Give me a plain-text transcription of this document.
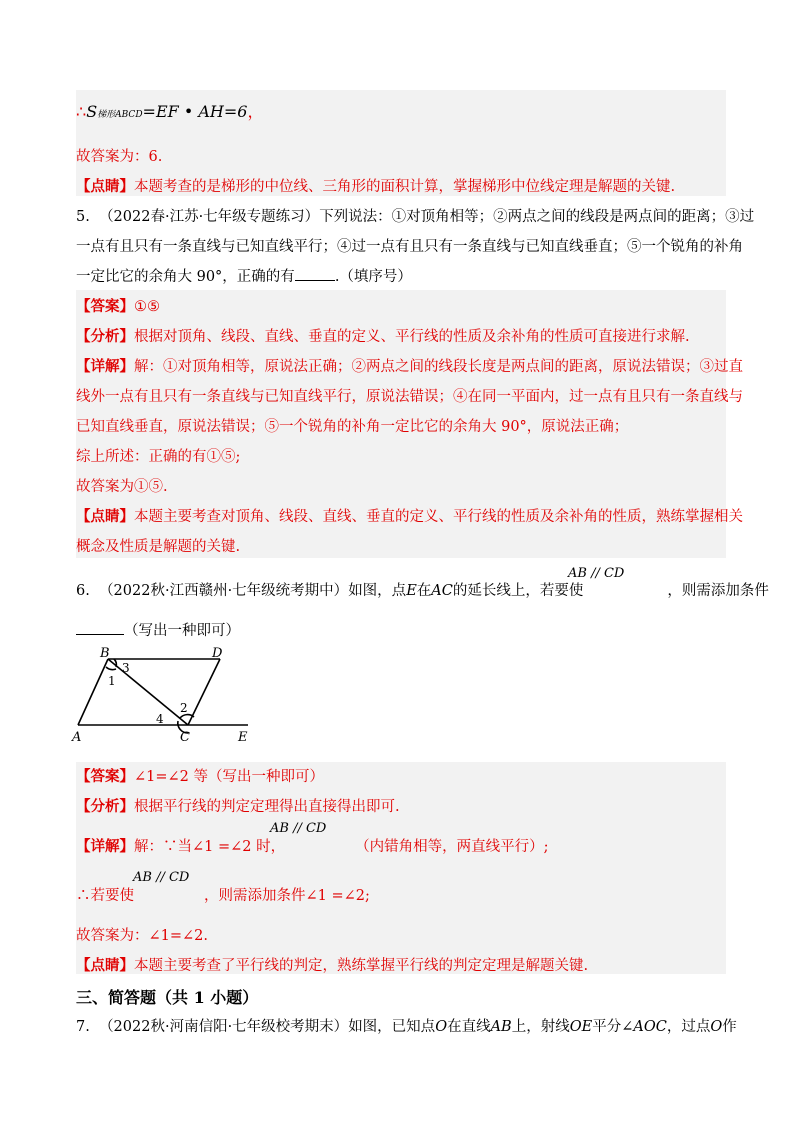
∴S梯形ABCD=EF • AH=6，
故答案为：6.
【点睛】本题考查的是梯形的中位线、三角形的面积计算，掌握梯形中位线定理是解题的关键.
5. （2022春·江苏·七年级专题练习）下列说法：①对顶角相等；②两点之间的线段是两点间的距离；③过
一点有且只有一条直线与已知直线平行；④过一点有且只有一条直线与已知直线垂直；⑤一个锐角的补角
一定比它的余角大 90°，正确的有	.（填序号）
【答案】①⑤
【分析】根据对顶角、线段、直线、垂直的定义、平行线的性质及余补角的性质可直接进行求解.
【详解】解：①对顶角相等，原说法正确；②两点之间的线段长度是两点间的距离，原说法错误；③过直
线外一点有且只有一条直线与已知直线平行，原说法错误；④在同一平面内，过一点有且只有一条直线与
已知直线垂直，原说法错误；⑤一个锐角的补角一定比它的余角大 90°，原说法正确；
综上所述：正确的有①⑤;
故答案为①⑤.
【点睛】本题主要考查对顶角、线段、直线、垂直的定义、平行线的性质及余补角的性质，熟练掌握相关
概念及性质是解题的关键.
6. （2022秋·江西赣州·七年级统考期中）如图，点E在AC的延长线上，若要使	，则需添加条件
AB // CD
（写出一种即可）
B	D
A	C	E
1
2
3
4
【答案】∠1=∠2 等（写出一种即可）
【分析】根据平行线的判定定理得出直接得出即可.
【详解】解：∵当∠1 =∠2 时，	（内错角相等，两直线平行）;
AB // CD
∴若要使	，则需添加条件∠1 =∠2;
AB // CD
故答案为：∠1=∠2.
【点睛】本题主要考查了平行线的判定，熟练掌握平行线的判定定理是解题关键.
三、简答题（共 1 小题）
7. （2022秋·河南信阳·七年级校考期末）如图，已知点O在直线AB上，射线OE平分∠AOC，过点O作
